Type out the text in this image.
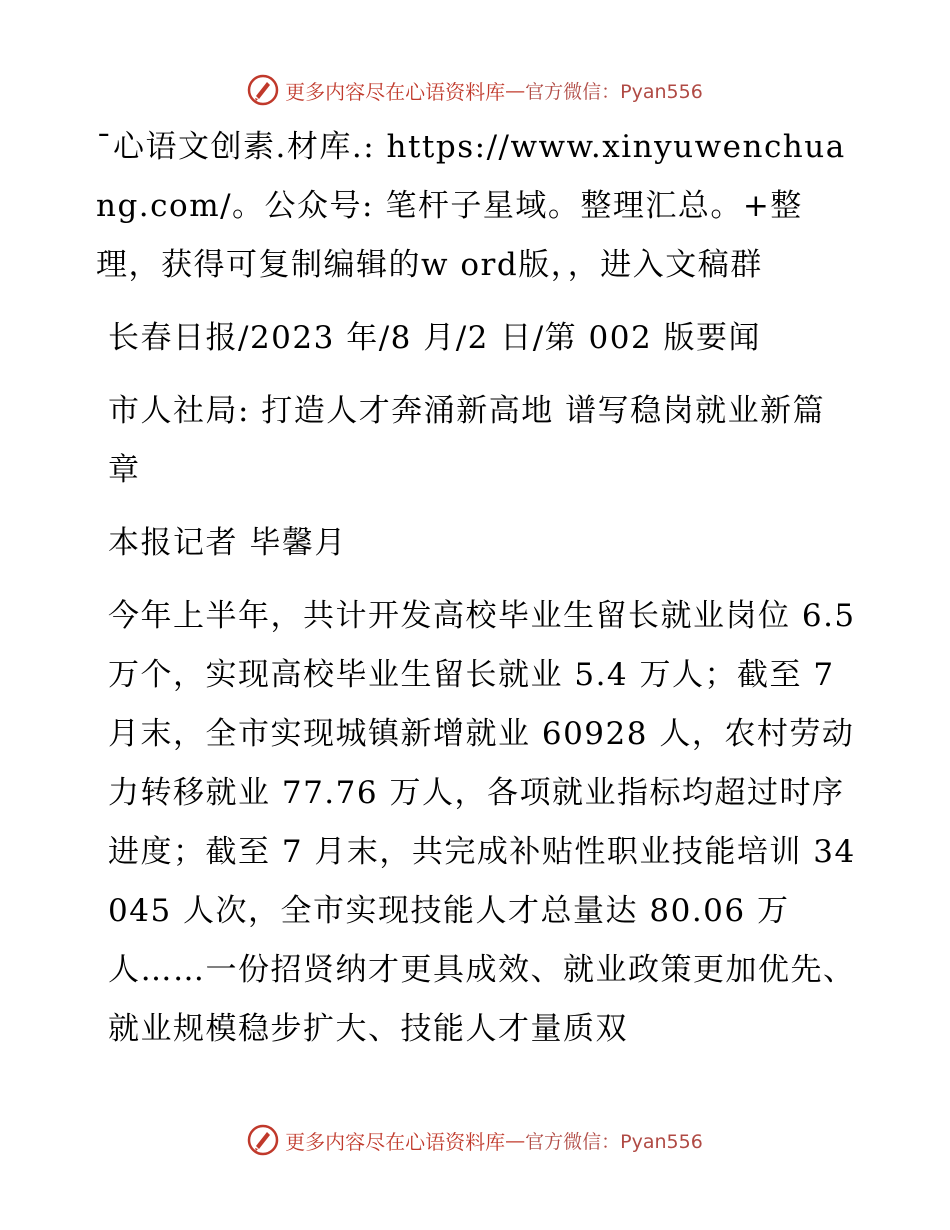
更多内容尽在心语资料库 — 官方微信：Pyan556

¯心语文创素.材库.: https://www.xinyuwenchuang.com/。公众号: 笔杆子星域。整理汇总。+整理，获得可复制编辑的w ord版，，进入文稿群

长春日报/2023 年/8 月/2 日/第 002 版要闻

市人社局: 打造人才奔涌新高地 谱写稳岗就业新篇章

本报记者 毕馨月

今年上半年，共计开发高校毕业生留长就业岗位 6.5 万个，实现高校毕业生留长就业 5.4 万人；截至 7 月末，全市实现城镇新增就业 60928 人，农村劳动力转移就业 77.76 万人，各项就业指标均超过时序进度；截至 7 月末，共完成补贴性职业技能培训 34045 人次，全市实现技能人才总量达 80.06 万人……一份招贤纳才更具成效、就业政策更加优先、就业规模稳步扩大、技能人才量质双

更多内容尽在心语资料库 — 官方微信：Pyan556
